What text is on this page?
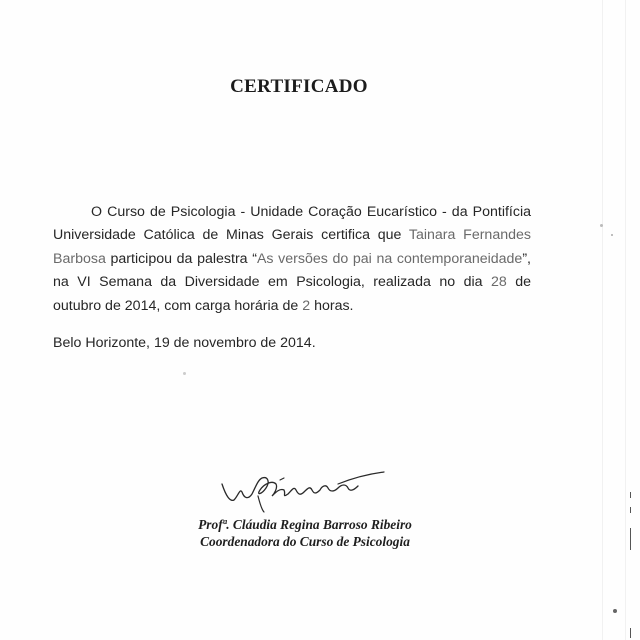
CERTIFICADO
O Curso de Psicologia - Unidade Coração Eucarístico - da Pontifícia Universidade Católica de Minas Gerais certifica que Tainara Fernandes Barbosa participou da palestra “As versões do pai na contemporaneidade”, na VI Semana da Diversidade em Psicologia, realizada no dia 28 de outubro de 2014, com carga horária de 2 horas.
Belo Horizonte, 19 de novembro de 2014.
Profª. Cláudia Regina Barroso Ribeiro
Coordenadora do Curso de Psicologia
